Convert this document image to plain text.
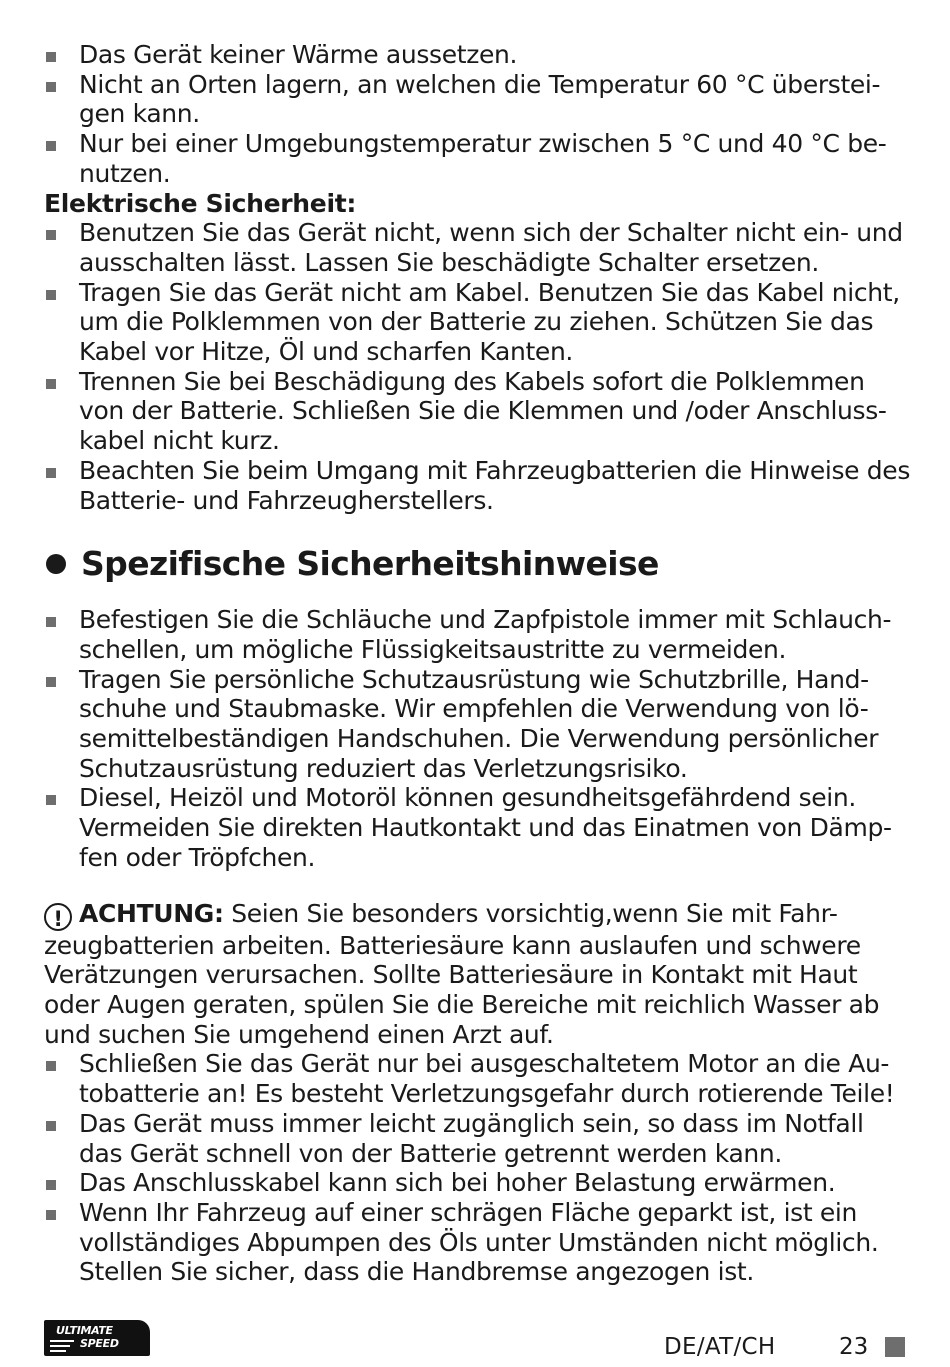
Das Gerät keiner Wärme aussetzen.
Nicht an Orten lagern, an welchen die Temperatur 60 °C überstei-gen kann.
Nur bei einer Umgebungstemperatur zwischen 5 °C und 40 °C be-nutzen.
Elektrische Sicherheit:
Benutzen Sie das Gerät nicht, wenn sich der Schalter nicht ein- und ausschalten lässt. Lassen Sie beschädigte Schalter ersetzen.
Tragen Sie das Gerät nicht am Kabel. Benutzen Sie das Kabel nicht, um die Polklemmen von der Batterie zu ziehen. Schützen Sie das Kabel vor Hitze, Öl und scharfen Kanten.
Trennen Sie bei Beschädigung des Kabels sofort die Polklemmen von der Batterie. Schließen Sie die Klemmen und /oder Anschluss-kabel nicht kurz.
Beachten Sie beim Umgang mit Fahrzeugbatterien die Hinweise des Batterie- und Fahrzeugherstellers.
Spezifische Sicherheitshinweise
Befestigen Sie die Schläuche und Zapfpistole immer mit Schlauch-schellen, um mögliche Flüssigkeitsaustritte zu vermeiden.
Tragen Sie persönliche Schutzausrüstung wie Schutzbrille, Hand-schuhe und Staubmaske. Wir empfehlen die Verwendung von lö-semittelbeständigen Handschuhen. Die Verwendung persönlicher Schutzausrüstung reduziert das Verletzungsrisiko.
Diesel, Heizöl und Motoröl können gesundheitsgefährdend sein. Vermeiden Sie direkten Hautkontakt und das Einatmen von Dämp-fen oder Tröpfchen.
! ACHTUNG: Seien Sie besonders vorsichtig,wenn Sie mit Fahr-zeugbatterien arbeiten. Batteriesäure kann auslaufen und schwere Verätzungen verursachen. Sollte Batteriesäure in Kontakt mit Haut oder Augen geraten, spülen Sie die Bereiche mit reichlich Wasser ab und suchen Sie umgehend einen Arzt auf.
Schließen Sie das Gerät nur bei ausgeschaltetem Motor an die Au-tobatterie an! Es besteht Verletzungsgefahr durch rotierende Teile!
Das Gerät muss immer leicht zugänglich sein, so dass im Notfall das Gerät schnell von der Batterie getrennt werden kann.
Das Anschlusskabel kann sich bei hoher Belastung erwärmen.
Wenn Ihr Fahrzeug auf einer schrägen Fläche geparkt ist, ist ein vollständiges Abpumpen des Öls unter Umständen nicht möglich. Stellen Sie sicher, dass die Handbremse angezogen ist.
ULTIMATE
SPEED	DE/AT/CH	23
